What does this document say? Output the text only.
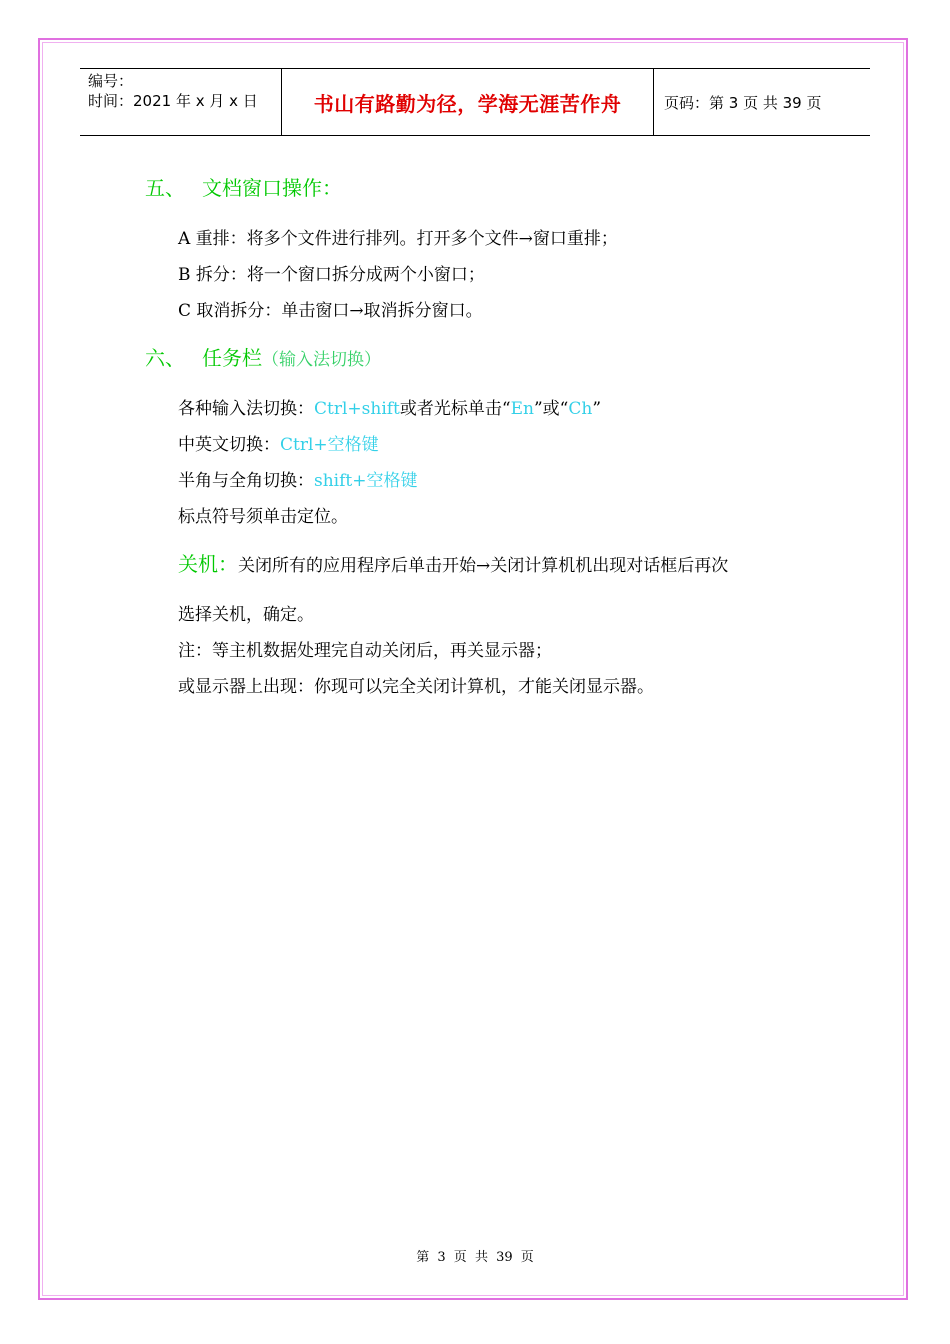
编号：
时间：2021 年 x 月 x 日	书山有路勤为径，学海无涯苦作舟	页码：第 3 页 共 39 页
五、 文档窗口操作：
A 重排：将多个文件进行排列。打开多个文件→窗口重排；
B 拆分：将一个窗口拆分成两个小窗口；
C 取消拆分：单击窗口→取消拆分窗口。
六、 任务栏（输入法切换）
各种输入法切换：Ctrl+shift或者光标单击“En”或“Ch”
中英文切换：Ctrl+空格键
半角与全角切换：shift+空格键
标点符号须单击定位。
关机：关闭所有的应用程序后单击开始→关闭计算机机出现对话框后再次
选择关机，确定。
注：等主机数据处理完自动关闭后，再关显示器；
或显示器上出现：你现可以完全关闭计算机，才能关闭显示器。
第 3 页 共 39 页
